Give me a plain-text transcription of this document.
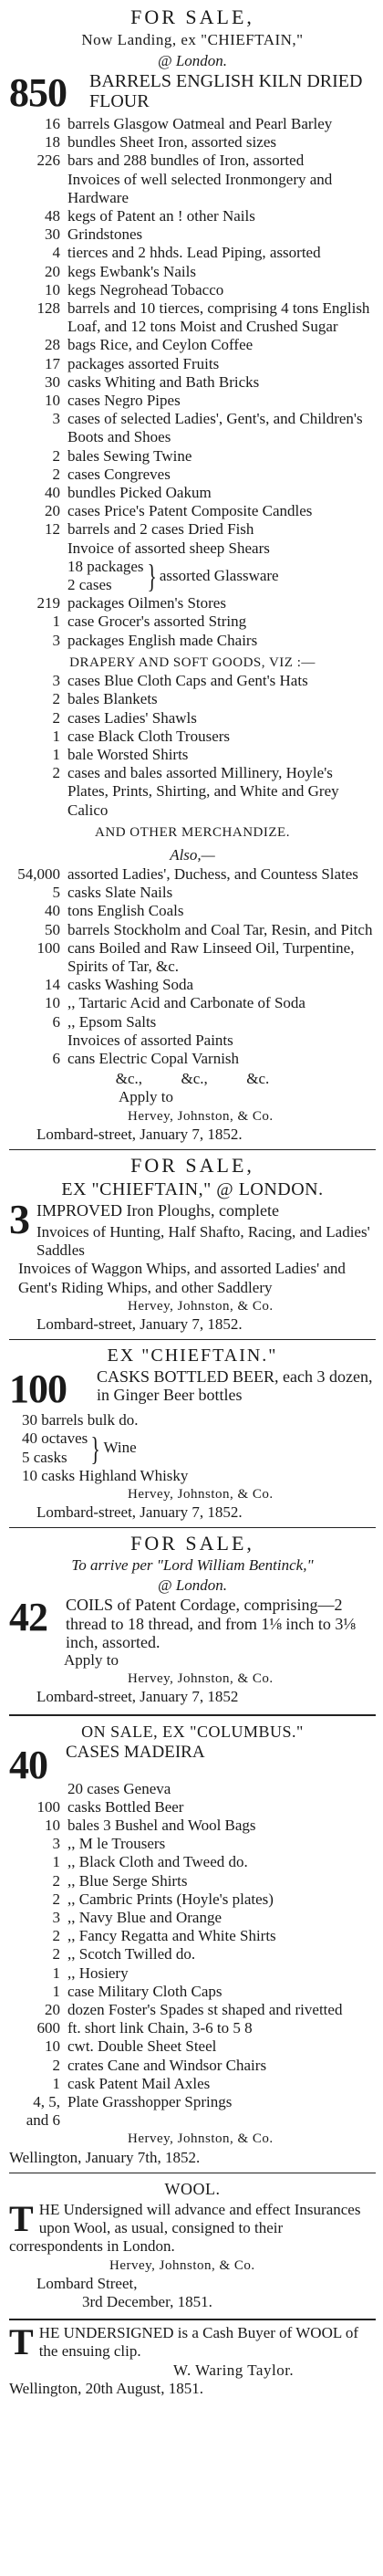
FOR SALE,
Now Landing, ex "CHIEFTAIN,"
@ London.
850 BARRELS ENGLISH KILN DRIED FLOUR
16 barrels Glasgow Oatmeal and Pearl Barley
18 bundles Sheet Iron, assorted sizes
226 bars and 288 bundles of Iron, assorted
Invoices of well selected Ironmongery and Hardware
48 kegs of Patent an ! other Nails
30 Grindstones
4 tierces and 2 hhds. Lead Piping, assorted
20 kegs Ewbank's Nails
10 kegs Negrohead Tobacco
128 barrels and 10 tierces, comprising 4 tons English Loaf, and 12 tons Moist and Crushed Sugar
28 bags Rice, and Ceylon Coffee
17 packages assorted Fruits
30 casks Whiting and Bath Bricks
10 cases Negro Pipes
3 cases of selected Ladies', Gent's, and Children's Boots and Shoes
2 bales Sewing Twine
2 cases Congreves
40 bundles Picked Oakum
20 cases Price's Patent Composite Candles
12 barrels and 2 cases Dried Fish
Invoice of assorted sheep Shears
18 packages
2 cases	} assorted Glassware
219 packages Oilmen's Stores
1 case Grocer's assorted String
3 packages English made Chairs
DRAPERY AND SOFT GOODS, VIZ :—
3 cases Blue Cloth Caps and Gent's Hats
2 bales Blankets
2 cases Ladies' Shawls
1 case Black Cloth Trousers
1 bale Worsted Shirts
2 cases and bales assorted Millinery, Hoyle's Plates, Prints, Shirting, and White and Grey Calico
AND OTHER MERCHANDIZE.
Also,—
54,000 assorted Ladies', Duchess, and Countess Slates
5 casks Slate Nails
40 tons English Coals
50 barrels Stockholm and Coal Tar, Resin, and Pitch
100 cans Boiled and Raw Linseed Oil, Turpentine, Spirits of Tar, &c.
14 casks Washing Soda
10 ,, Tartaric Acid and Carbonate of Soda
6 ,, Epsom Salts
Invoices of assorted Paints
6 cans Electric Copal Varnish
&c.,          &c.,          &c.
Apply to
Hervey, Johnston, & Co.
Lombard-street, January 7, 1852.
FOR SALE,
EX "CHIEFTAIN," @ LONDON.
3 IMPROVED Iron Ploughs, complete
Invoices of Hunting, Half Shafto, Racing, and Ladies' Saddles
Invoices of Waggon Whips, and assorted Ladies' and Gent's Riding Whips, and other Saddlery
Hervey, Johnston, & Co.
Lombard-street, January 7, 1852.
EX "CHIEFTAIN."
100 CASKS BOTTLED BEER, each 3 dozen, in Ginger Beer bottles
30 barrels bulk do.
40 octaves
5 casks } Wine
10 casks Highland Whisky
Hervey, Johnston, & Co.
Lombard-street, January 7, 1852.
FOR SALE,
To arrive per "Lord William Bentinck,"
@ London.
42 COILS of Patent Cordage, comprising—2 thread to 18 thread, and from 1⅛ inch to 3⅛ inch, assorted.
Apply to
Hervey, Johnston, & Co.
Lombard-street, January 7, 1852
ON SALE, EX "COLUMBUS."
40 CASES MADEIRA
20 cases Geneva
100 casks Bottled Beer
10 bales 3 Bushel and Wool Bags
3 ,, M le Trousers
1 ,, Black Cloth and Tweed do.
2 ,, Blue Serge Shirts
2 ,, Cambric Prints (Hoyle's plates)
3 ,, Navy Blue and Orange
2 ,, Fancy Regatta and White Shirts
2 ,, Scotch Twilled do.
1 ,, Hosiery
1 case Military Cloth Caps
20 dozen Foster's Spades st shaped and rivetted
600 ft. short link Chain, 3-6 to 5 8
10 cwt. Double Sheet Steel
2 crates Cane and Windsor Chairs
1 cask Patent Mail Axles
4, 5, and 6
Plate Grasshopper Springs
Hervey, Johnston, & Co.
Wellington, January 7th, 1852.
WOOL.
T HE Undersigned will advance and effect Insurances upon Wool, as usual, consigned to their correspondents in London.
Hervey, Johnston, & Co.
Lombard Street,
3rd December, 1851.
T HE UNDERSIGNED is a Cash Buyer of WOOL of the ensuing clip.
W. Waring Taylor.
Wellington, 20th August, 1851.
